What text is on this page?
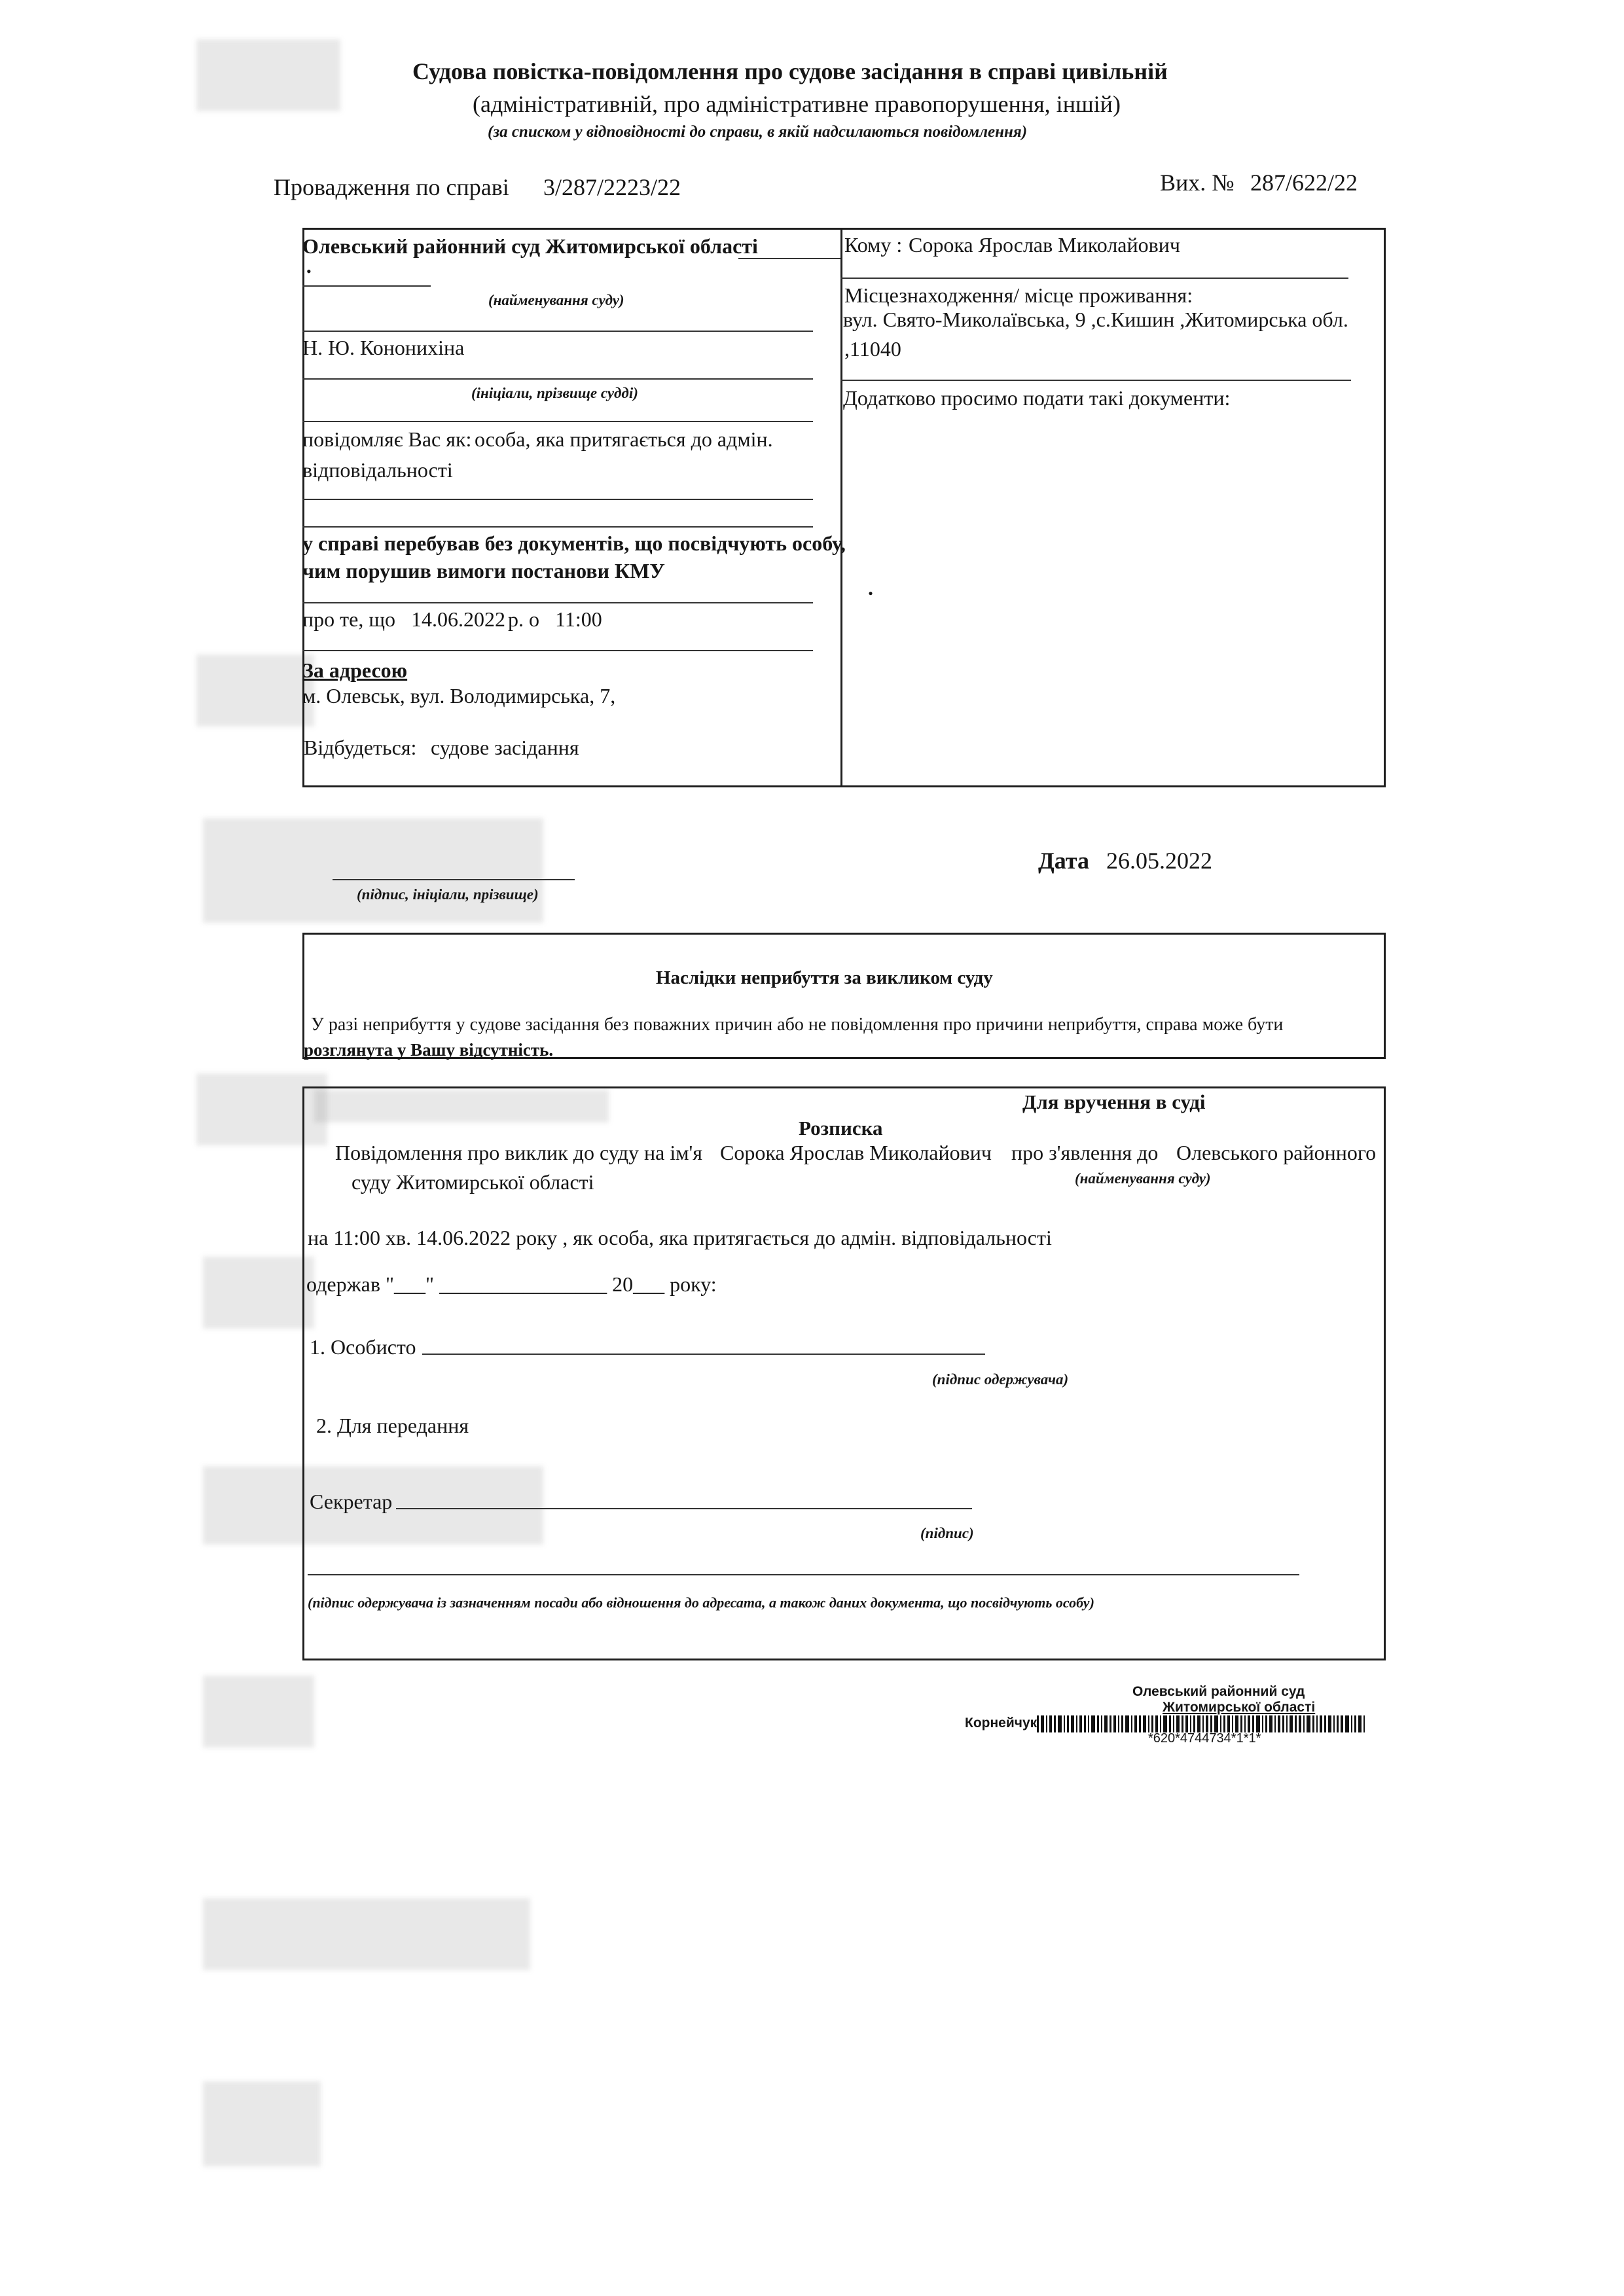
Судова повістка-повідомлення про судове засідання в справі цивільній
(адміністративній, про адміністративне правопорушення, іншій)
(за списком у відповідності до справи, в якій надсилаються повідомлення)
Провадження по справі 3/287/2223/22	Вих. № 287/622/22
Олевський районний суд Житомирської області
•
(найменування суду)
Н. Ю. Кононихіна
(ініціали, прізвище судді)
повідомляє Вас як: особа, яка притягається до адмін.
відповідальності
у справі перебував без документів, що посвідчують особу,
чим порушив вимоги постанови КМУ
про те, що 14.06.2022 р. о 11:00
За адресою
м. Олевськ, вул. Володимирська, 7,
Відбудеться: судове засідання
Кому : Сорока Ярослав Миколайович
Місцезнаходження/ місце проживання:
вул. Свято-Миколаївська, 9 ,с.Кишин ,Житомирська обл.
,11040
Додатково просимо подати такі документи:
.
(підпис, ініціали, прізвище)
Дата 26.05.2022
Наслідки неприбуття за викликом суду
У разі неприбуття у судове засідання без поважних причин або не повідомлення про причини неприбуття, справа може бути
розглянута у Вашу відсутність.
Для вручення в суді
Розписка
Повідомлення про виклик до суду на ім'я Сорока Ярослав Миколайович про з'явлення до Олевського районного
суду Житомирської області	(найменування суду)
на 11:00 хв. 14.06.2022 року , як особа, яка притягається до адмін. відповідальності
одержав "___" ________________ 20___ року:
1. Особисто
(підпис одержувача)
2. Для передання
Секретар
(підпис)
(підпис одержувача із зазначенням посади або відношення до адресата, а також даних документа, що посвідчують особу)
Олевський районний суд
Житомирської області
Корнейчук
*620*4744734*1*1*
